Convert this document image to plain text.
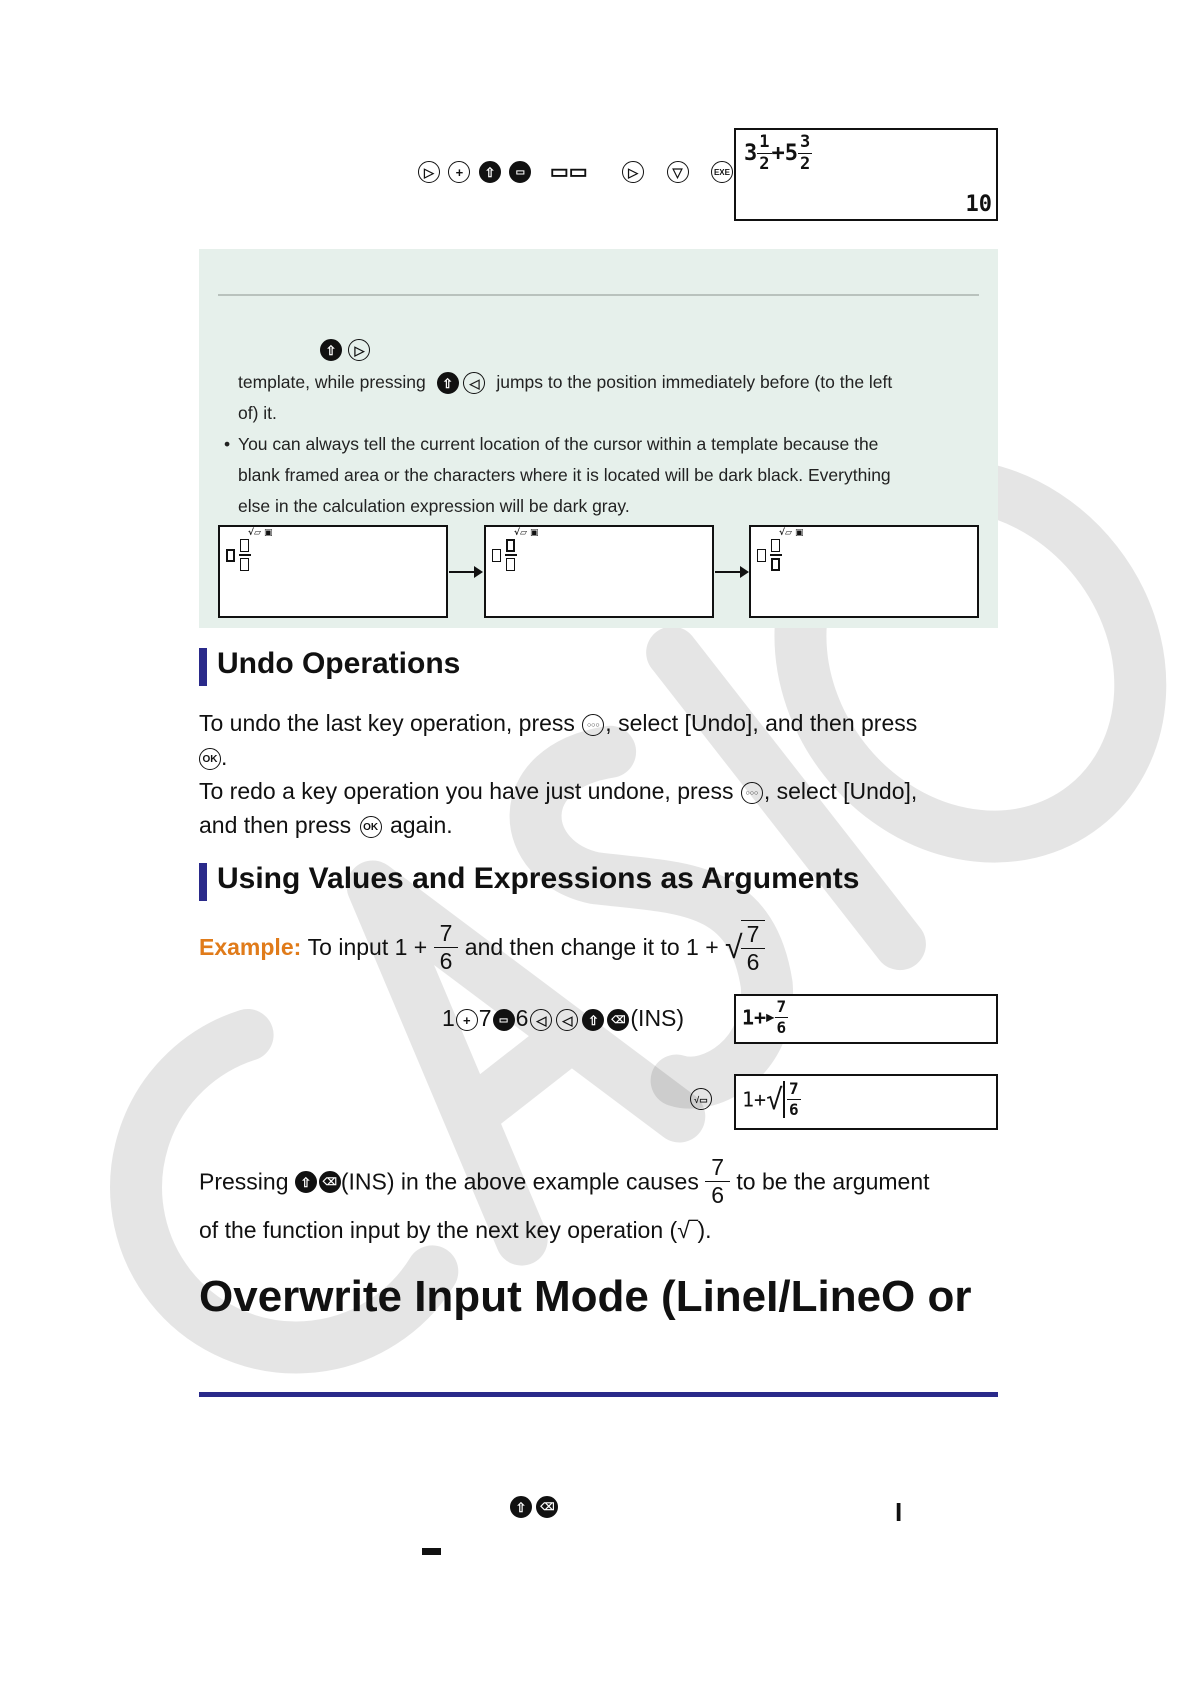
▷ + ⇧ ▭ ▭▭	▷	▽	EXE
$3 \frac{1}{2} +5 \frac{3}{2}$
10
⇧ ▷
template, while pressing ⇧ ◁ jumps to the position immediately before (to the left
of) it.
• You can always tell the current location of the cursor within a template because the
blank framed area or the characters where it is located will be dark black. Everything
else in the calculation expression will be dark gray.
√▱ ▣	√▱ ▣	√▱ ▣
Undo Operations
To undo the last key operation, press ○○○ , select [Undo], and then press
OK .
To redo a key operation you have just undone, press ○○○ , select [Undo],
and then press OK again.
Using Values and Expressions as Arguments
Example: To input $1 + \frac{7}{6}$ and then change it to 1 + √
$\frac{7}{6}$
1 + 7 ▭ 6 ◁ ◁ ⇧ ⌫ (INS)	1+▶ $\frac{7}{6}$
√▭ $1+√ \frac{7}{6}$
Pressing ⇧ ⌫ (INS) in the above example causes $\frac{7}{6}$ to be the argument
of the function input by the next key operation (√‾).
Overwrite Input Mode (LineI/LineO or
⇧ ⌫	I
